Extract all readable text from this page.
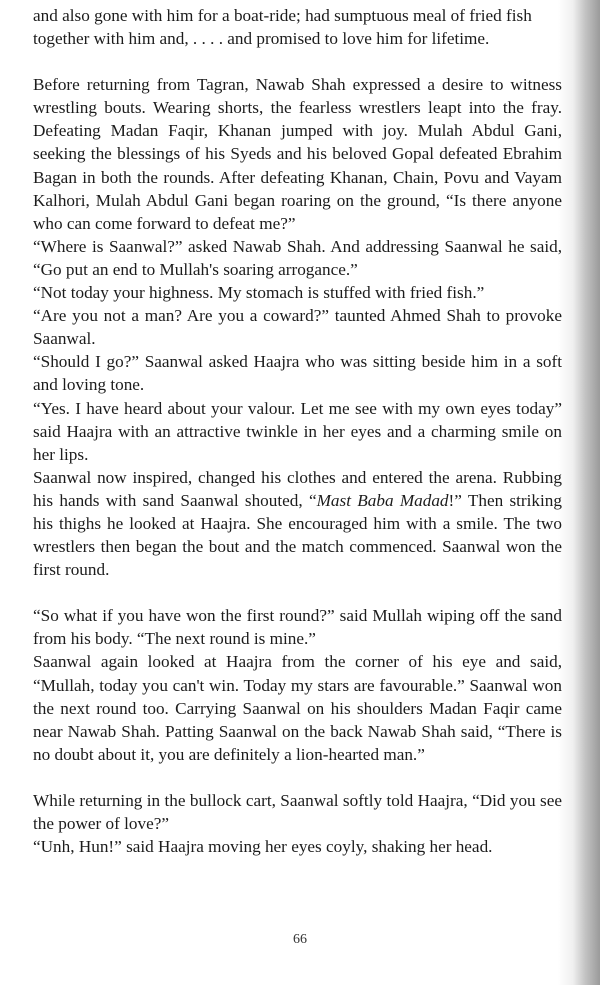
and also gone with him for a boat-ride; had sumptuous meal of fried fish together with him and, . . . . and promised to love him for lifetime.

Before returning from Tagran, Nawab Shah expressed a desire to witness wrestling bouts. Wearing shorts, the fearless wrestlers leapt into the fray. Defeating Madan Faqir, Khanan jumped with joy. Mulah Abdul Gani, seeking the blessings of his Syeds and his beloved Gopal defeated Ebrahim Bagan in both the rounds. After defeating Khanan, Chain, Povu and Vayam Kalhori, Mulah Abdul Gani began roaring on the ground, “Is there anyone who can come forward to defeat me?”

“Where is Saanwal?” asked Nawab Shah. And addressing Saanwal he said, “Go put an end to Mullah's soaring arrogance.”

“Not today your highness. My stomach is stuffed with fried fish.”

“Are you not a man? Are you a coward?” taunted Ahmed Shah to provoke Saanwal.

“Should I go?” Saanwal asked Haajra who was sitting beside him in a soft and loving tone.

“Yes. I have heard about your valour. Let me see with my own eyes today” said Haajra with an attractive twinkle in her eyes and a charming smile on her lips.

Saanwal now inspired, changed his clothes and entered the arena. Rubbing his hands with sand Saanwal shouted, “Mast Baba Madad!” Then striking his thighs he looked at Haajra. She encouraged him with a smile. The two wrestlers then began the bout and the match commenced. Saanwal won the first round.

“So what if you have won the first round?” said Mullah wiping off the sand from his body. “The next round is mine.”

Saanwal again looked at Haajra from the corner of his eye and said, “Mullah, today you can't win. Today my stars are favourable.” Saanwal won the next round too. Carrying Saanwal on his shoulders Madan Faqir came near Nawab Shah. Patting Saanwal on the back Nawab Shah said, “There is no doubt about it, you are definitely a lion-hearted man.”

While returning in the bullock cart, Saanwal softly told Haajra, “Did you see the power of love?”

“Unh, Hun!” said Haajra moving her eyes coyly, shaking her head.

66
